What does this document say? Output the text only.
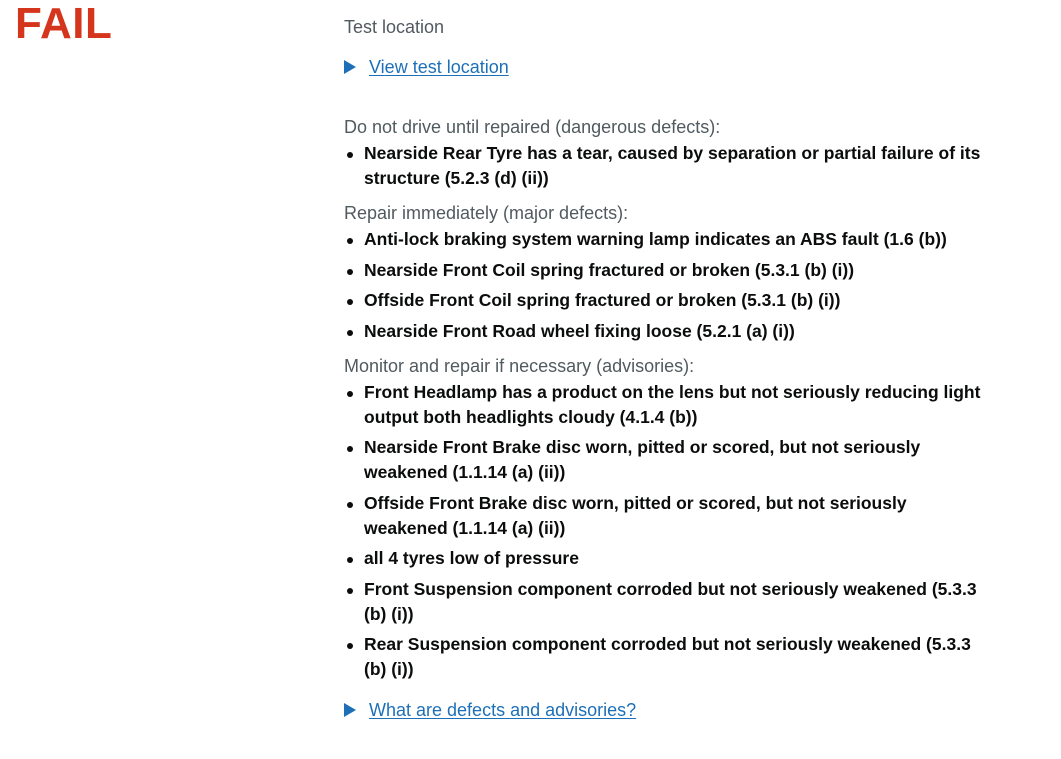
FAIL	Test location

View test location

Do not drive until repaired (dangerous defects):

Nearside Rear Tyre has a tear, caused by separation or partial failure of its structure (5.2.3 (d) (ii))

Repair immediately (major defects):

Anti-lock braking system warning lamp indicates an ABS fault (1.6 (b))
Nearside Front Coil spring fractured or broken (5.3.1 (b) (i))
Offside Front Coil spring fractured or broken (5.3.1 (b) (i))
Nearside Front Road wheel fixing loose (5.2.1 (a) (i))

Monitor and repair if necessary (advisories):

Front Headlamp has a product on the lens but not seriously reducing light output both headlights cloudy (4.1.4 (b))
Nearside Front Brake disc worn, pitted or scored, but not seriously weakened (1.1.14 (a) (ii))
Offside Front Brake disc worn, pitted or scored, but not seriously weakened (1.1.14 (a) (ii))
all 4 tyres low of pressure
Front Suspension component corroded but not seriously weakened (5.3.3 (b) (i))
Rear Suspension component corroded but not seriously weakened (5.3.3 (b) (i))
What are defects and advisories?
